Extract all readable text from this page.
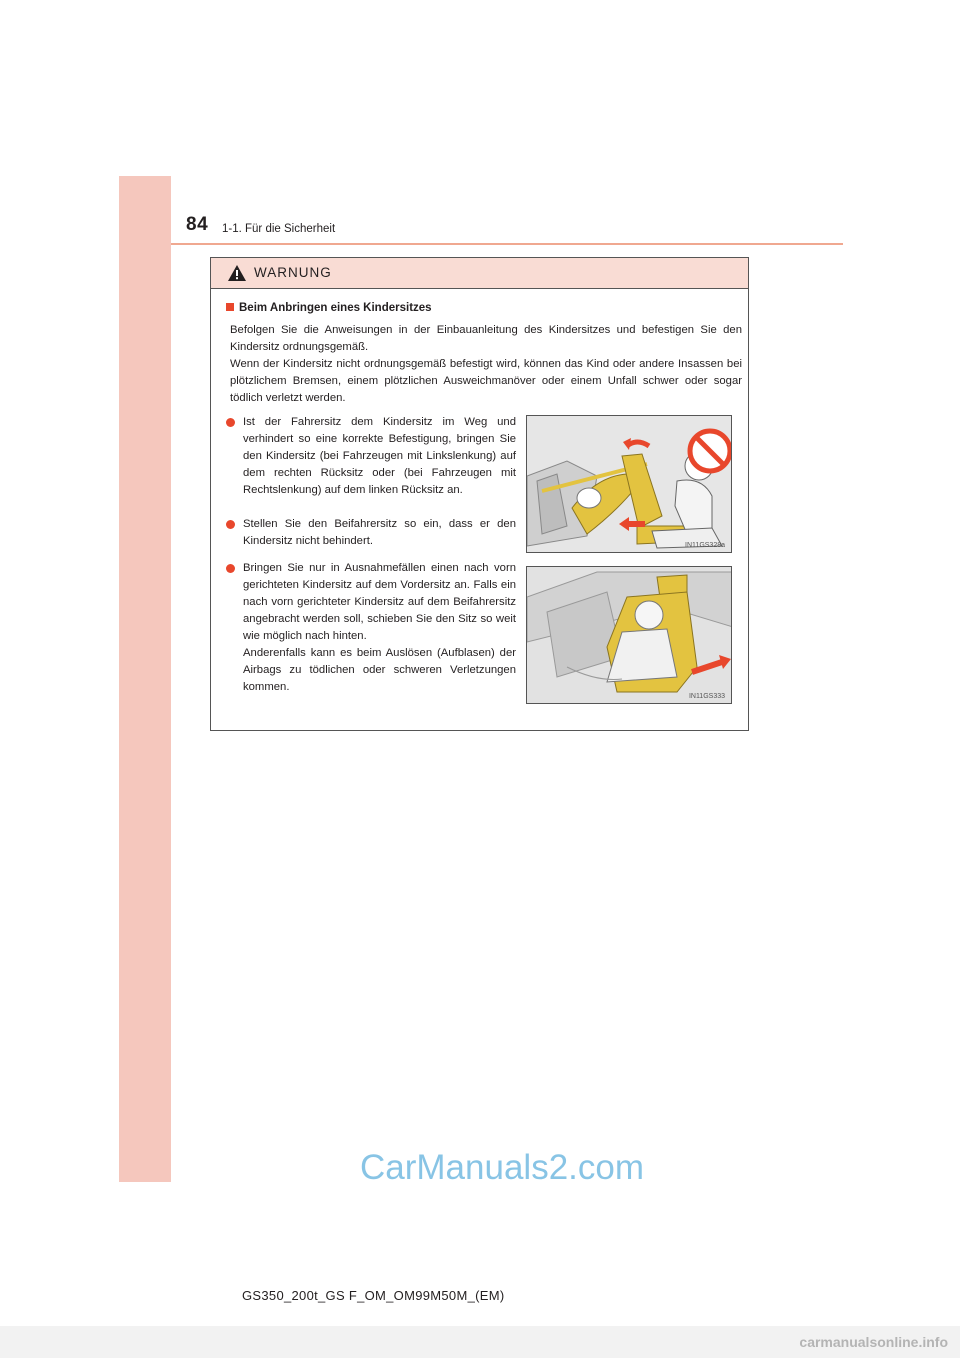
84 1-1. Für die Sicherheit
WARNUNG
Beim Anbringen eines Kindersitzes

Befolgen Sie die Anweisungen in der Einbauanleitung des Kindersitzes und befestigen Sie den Kindersitz ordnungsgemäß.

Wenn der Kindersitz nicht ordnungsgemäß befestigt wird, können das Kind oder andere Insassen bei plötzlichem Bremsen, einem plötzlichen Ausweichmanöver oder einem Unfall schwer oder sogar tödlich verletzt werden.

Ist der Fahrersitz dem Kindersitz im Weg und verhindert so eine korrekte Befestigung, bringen Sie den Kindersitz (bei Fahrzeugen mit Linkslenkung) auf dem rechten Rücksitz oder (bei Fahrzeugen mit Rechtslenkung) auf dem linken Rücksitz an.

Stellen Sie den Beifahrersitz so ein, dass er den Kindersitz nicht behindert.

Bringen Sie nur in Ausnahmefällen einen nach vorn gerichteten Kindersitz auf dem Vordersitz an. Falls ein nach vorn gerichteter Kindersitz auf dem Beifahrersitz angebracht werden soll, schieben Sie den Sitz so weit wie möglich nach hinten.

Anderenfalls kann es beim Auslösen (Aufblasen) der Airbags zu tödlichen oder schweren Verletzungen kommen.

IN11GS328a
IN11GS333
CarManuals2.com
GS350_200t_GS F_OM_OM99M50M_(EM)
carmanualsonline.info
